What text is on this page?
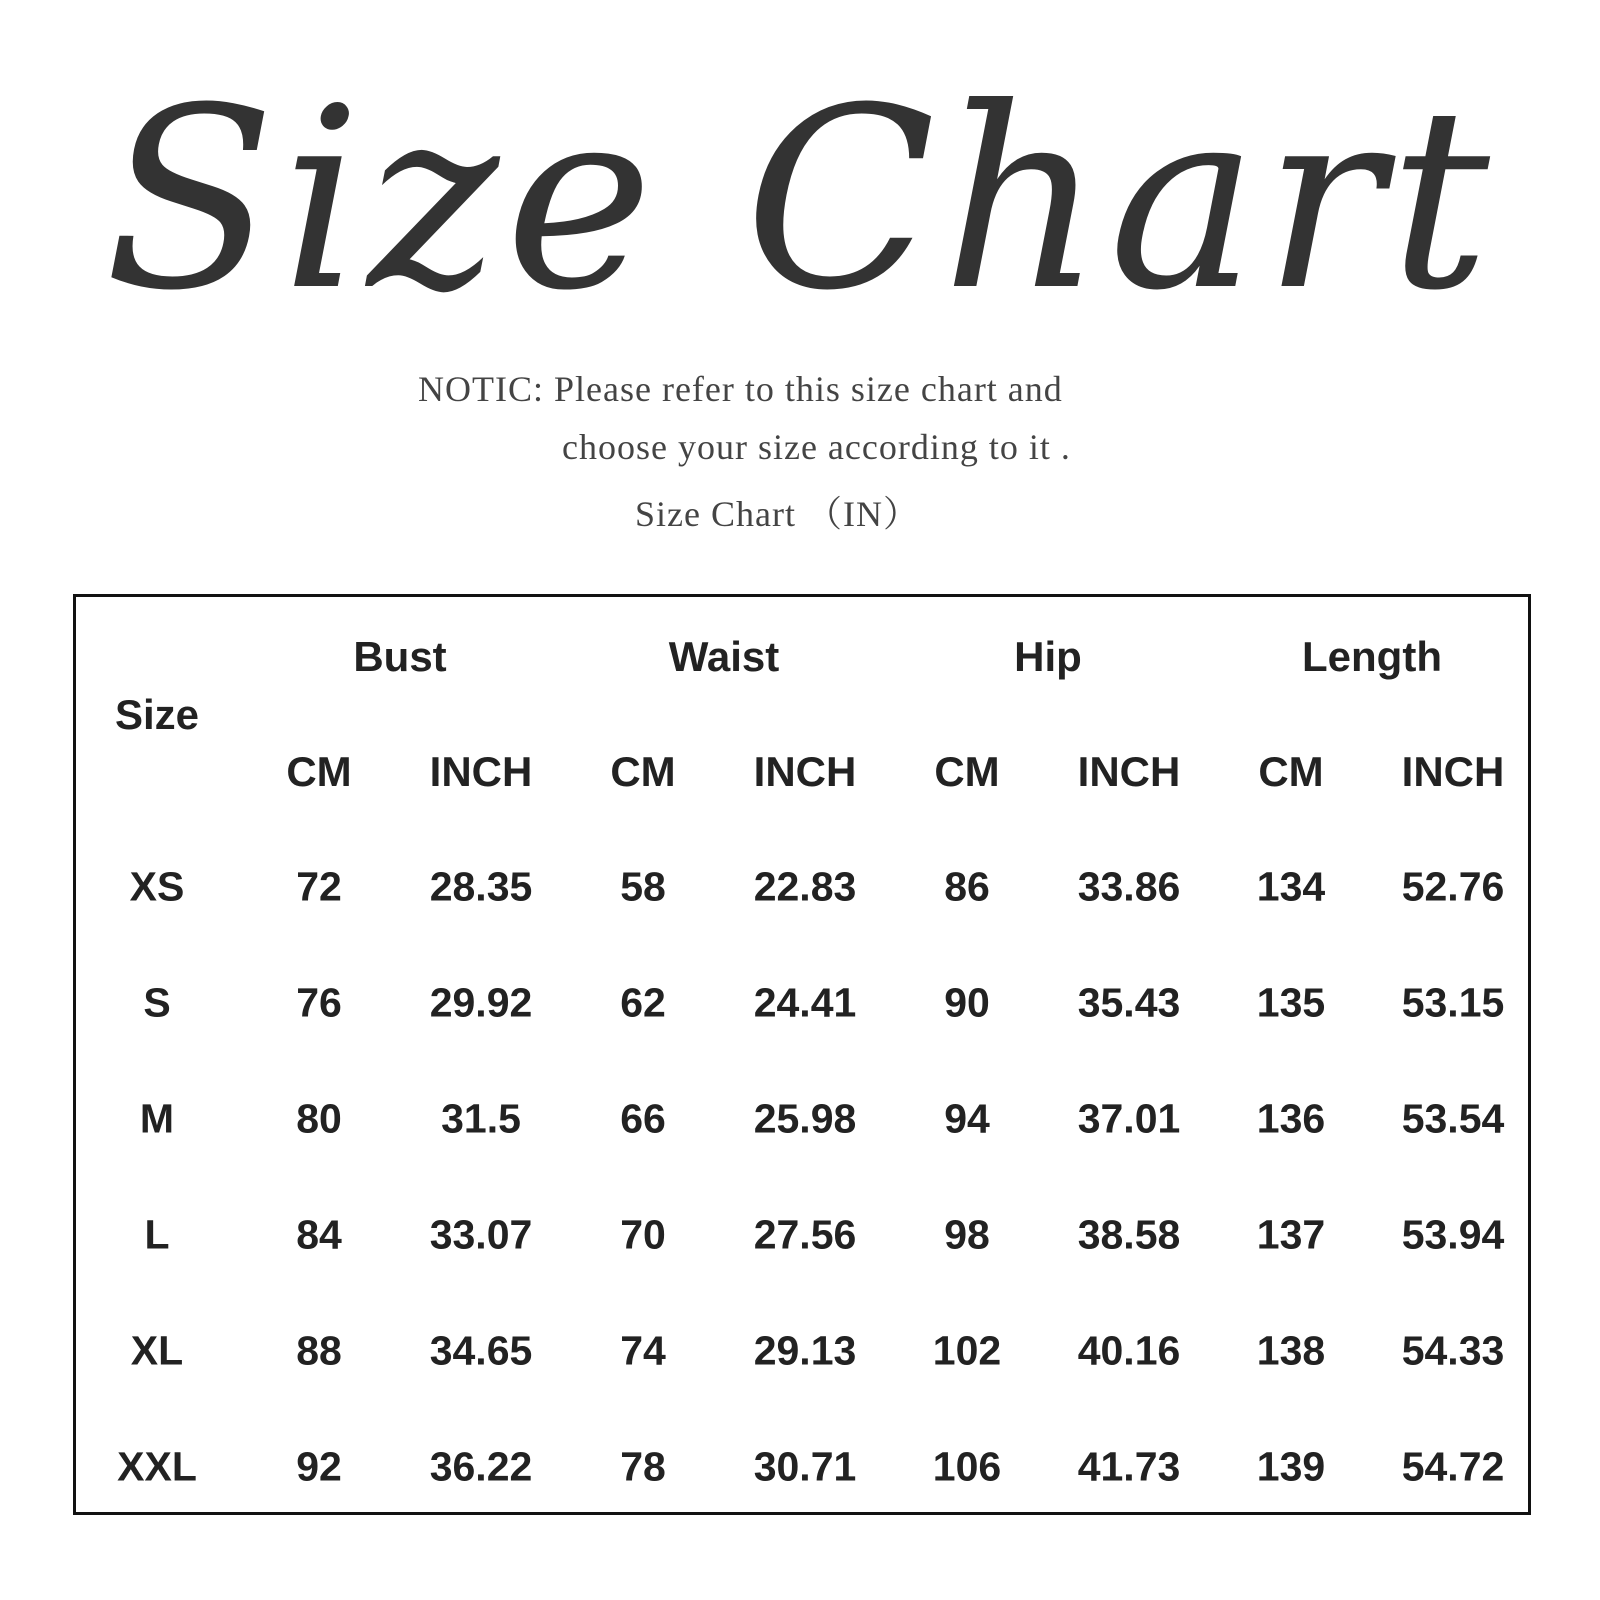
Size Chart
NOTIC: Please refer to this size chart and
choose your size according to it .
Size Chart （IN）
Size
Bust	Waist	Hip	Length
CM INCH CM INCH CM INCH CM INCH
XS	72 28.35 58 22.83 86 33.86 134 52.76
S	76 29.92 62 24.41 90 35.43 135 53.15
M	80 31.5 66 25.98 94 37.01 136 53.54
L	84 33.07 70 27.56 98 38.58 137 53.94
XL	88 34.65 74 29.13 102 40.16 138 54.33
XXL 92 36.22 78 30.71 106 41.73 139 54.72
